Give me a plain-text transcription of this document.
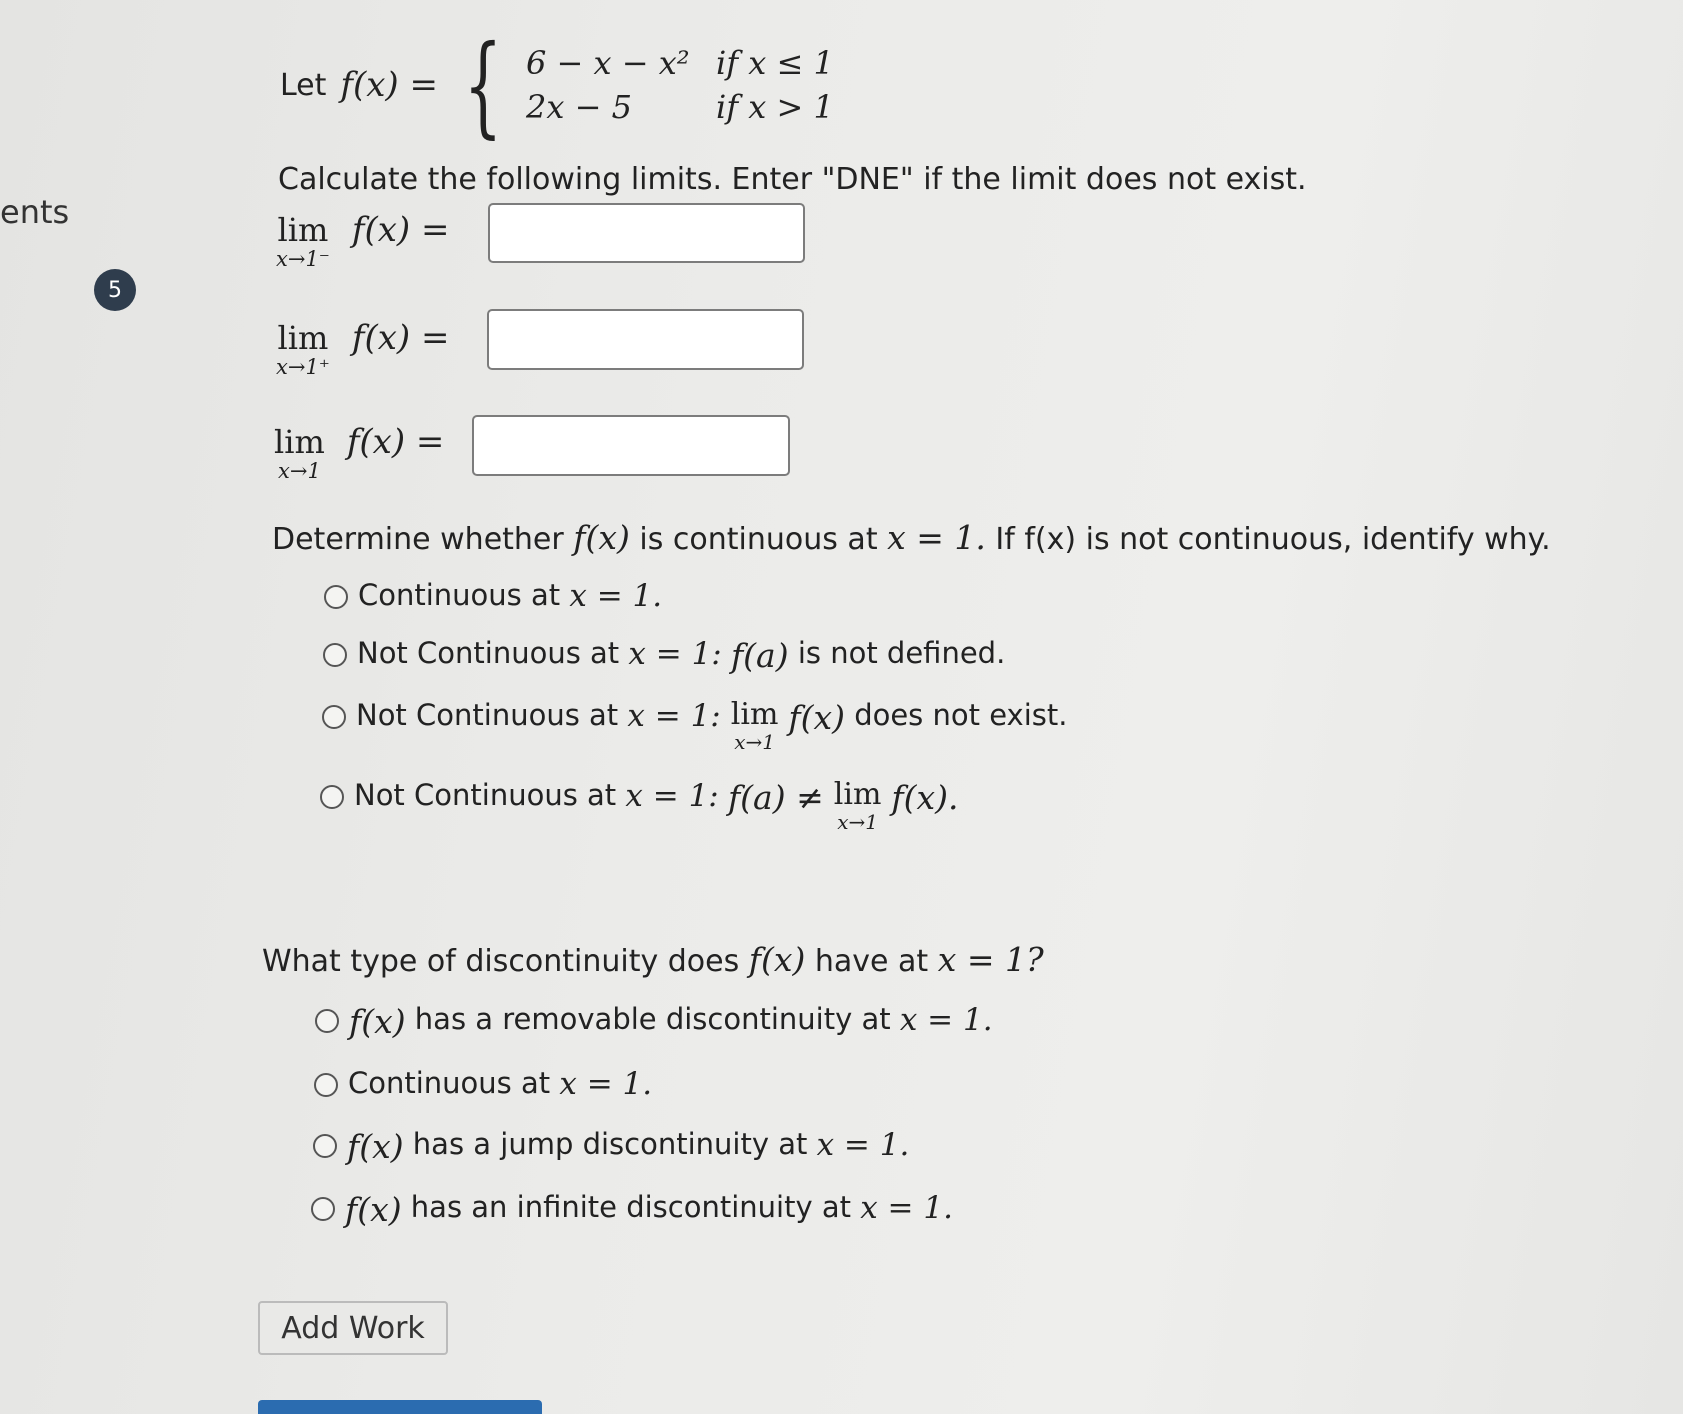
ents
5
Let f(x) = { 6 − x − x² if x ≤ 1
2x − 5	if x > 1
Calculate the following limits. Enter "DNE" if the limit does not exist.
lim
x→1⁻
f(x) =
lim
x→1⁺
f(x) =
lim
x→1
f(x) =
Determine whether f(x) is continuous at x = 1. If f(x) is not continuous, identify why.
Continuous at
x = 1.
Not Continuous at
x = 1:
f(a)
is not defined.
Not Continuous at
x = 1: lim
x→1
f(x)
does not exist.
Not Continuous at
x = 1:
f(a) ≠ lim
x→1
f(x).
What type of discontinuity does f(x) have at x = 1?
f(x)
has a removable discontinuity at
x = 1.
Continuous at
x = 1.
f(x)
has a jump discontinuity at
x = 1.
f(x)
has an infinite discontinuity at
x = 1.
Add Work
